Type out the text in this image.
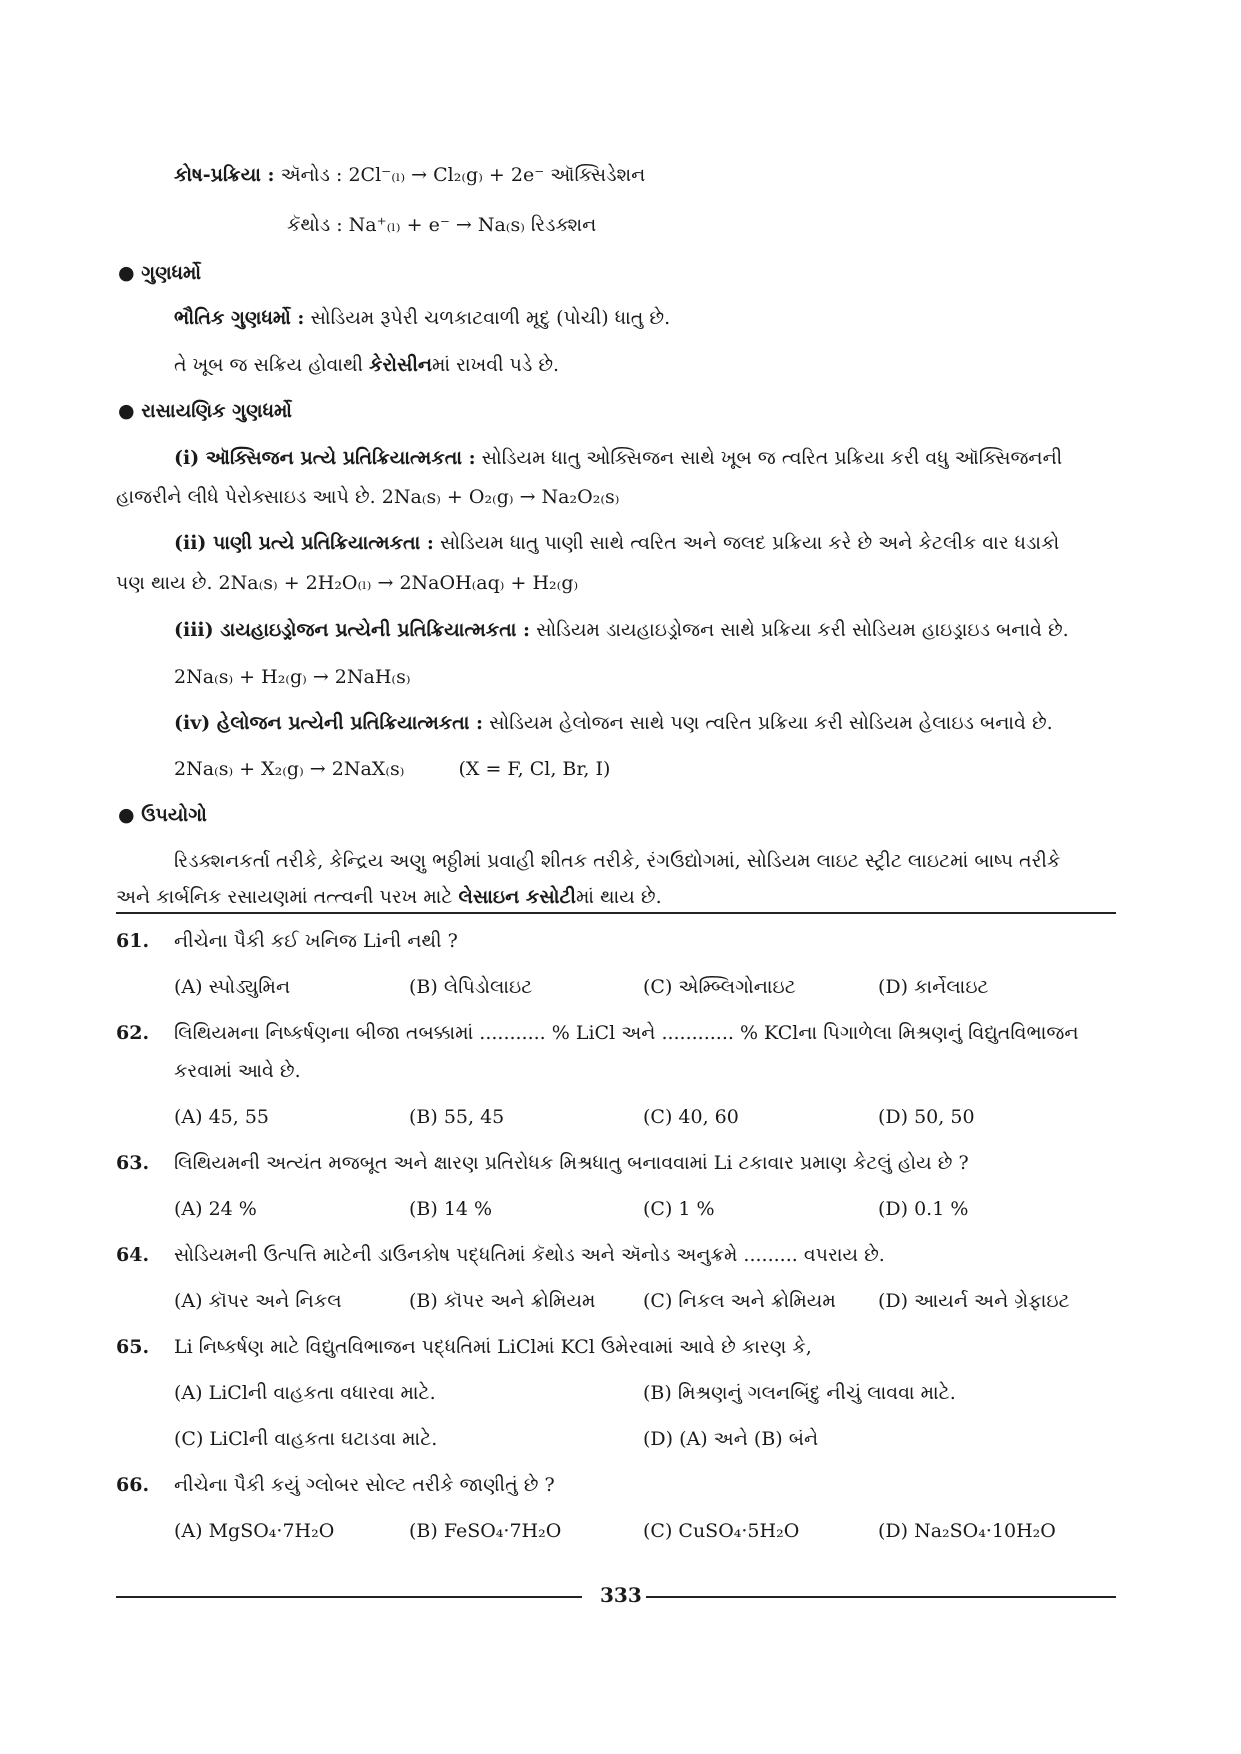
કોષ-પ્રક્રિયા : ઍનોડ : 2Cl⁻₍ₗ₎ → Cl₂₍g₎ + 2e⁻ ઑક્સિડેશન
કૅથોડ : Na⁺₍ₗ₎ + e⁻ → Na₍s₎ રિડક્શન
● ગુણધર્મો
ભૌતિક ગુણધર્મો : સોડિયમ રૂપેરી ચળકાટવાળી મૃદુ (પોચી) ધાતુ છે.
તે ખૂબ જ સક્રિય હોવાથી કેરોસીનમાં રાખવી પડે છે.
● રાસાયણિક ગુણધર્મો
(i) ઑક્સિજન પ્રત્યે પ્રતિક્રિયાત્મકતા : સોડિયમ ધાતુ ઓક્સિજન સાથે ખૂબ જ ત્વરિત પ્રક્રિયા કરી વધુ ઑક્સિજનની
હાજરીને લીધે પેરોક્સાઇડ આપે છે. 2Na₍s₎ + O₂₍g₎ → Na₂O₂₍s₎
(ii) પાણી પ્રત્યે પ્રતિક્રિયાત્મકતા : સોડિયમ ધાતુ પાણી સાથે ત્વરિત અને જલદ પ્રક્રિયા કરે છે અને કેટલીક વાર ધડાકો
પણ થાય છે. 2Na₍s₎ + 2H₂O₍ₗ₎ → 2NaOH₍aq₎ + H₂₍g₎
(iii) ડાયહાઇડ્રોજન પ્રત્યેની પ્રતિક્રિયાત્મકતા : સોડિયમ ડાયહાઇડ્રોજન સાથે પ્રક્રિયા કરી સોડિયમ હાઇડ્રાઇડ બનાવે છે.
2Na₍s₎ + H₂₍g₎ → 2NaH₍s₎
(iv) હેલોજન પ્રત્યેની પ્રતિક્રિયાત્મકતા : સોડિયમ હેલોજન સાથે પણ ત્વરિત પ્રક્રિયા કરી સોડિયમ હેલાઇડ બનાવે છે.
2Na₍s₎ + X₂₍g₎ → 2NaX₍s₎	(X = F, Cl, Br, I)
● ઉપયોગો
રિડક્શનકર્તા તરીકે, કેન્દ્રિય અણુ ભઠ્ઠીમાં પ્રવાહી શીતક તરીકે, રંગઉદ્યોગમાં, સોડિયમ લાઇટ સ્ટ્રીટ લાઇટમાં બાષ્પ તરીકે
અને કાર્બનિક રસાયણમાં તત્ત્વની પરખ માટે લેસાઇન કસોટીમાં થાય છે.
61. નીચેના પૈકી કઈ ખનિજ Liની નથી ?
(A) સ્પોડ્યુમિન	(B) લેપિડોલાઇટ	(C) એમ્બ્લિગોનાઇટ	(D) કાર્નેલાઇટ
62. લિથિયમના નિષ્કર્ષણના બીજા તબક્કામાં ........... % LiCl અને ............ % KClના પિગાળેલા મિશ્રણનું વિદ્યુતવિભાજન
કરવામાં આવે છે.
(A) 45, 55	(B) 55, 45	(C) 40, 60	(D) 50, 50
63. લિથિયમની અત્યંત મજબૂત અને ક્ષારણ પ્રતિરોધક મિશ્રધાતુ બનાવવામાં Li ટકાવાર પ્રમાણ કેટલું હોય છે ?
(A) 24 %	(B) 14 %	(C) 1 %	(D) 0.1 %
64. સોડિયમની ઉત્પત્તિ માટેની ડાઉનકોષ પદ્ધતિમાં કૅથોડ અને ઍનોડ અનુક્રમે ......... વપરાય છે.
(A) કૉપર અને નિકલ	(B) કૉપર અને ક્રોમિયમ	(C) નિકલ અને ક્રોમિયમ (D) આયર્ન અને ગ્રેફાઇટ
65. Li નિષ્કર્ષણ માટે વિદ્યુતવિભાજન પદ્ધતિમાં LiClમાં KCl ઉમેરવામાં આવે છે કારણ કે,
(A) LiClની વાહકતા વધારવા માટે.	(B) મિશ્રણનું ગલનબિંદુ નીચું લાવવા માટે.
(C) LiClની વાહકતા ઘટાડવા માટે.	(D) (A) અને (B) બંને
66. નીચેના પૈકી કયું ગ્લોબર સોલ્ટ તરીકે જાણીતું છે ?
(A) MgSO₄·7H₂O	(B) FeSO₄·7H₂O	(C) CuSO₄·5H₂O	(D) Na₂SO₄·10H₂O
333
